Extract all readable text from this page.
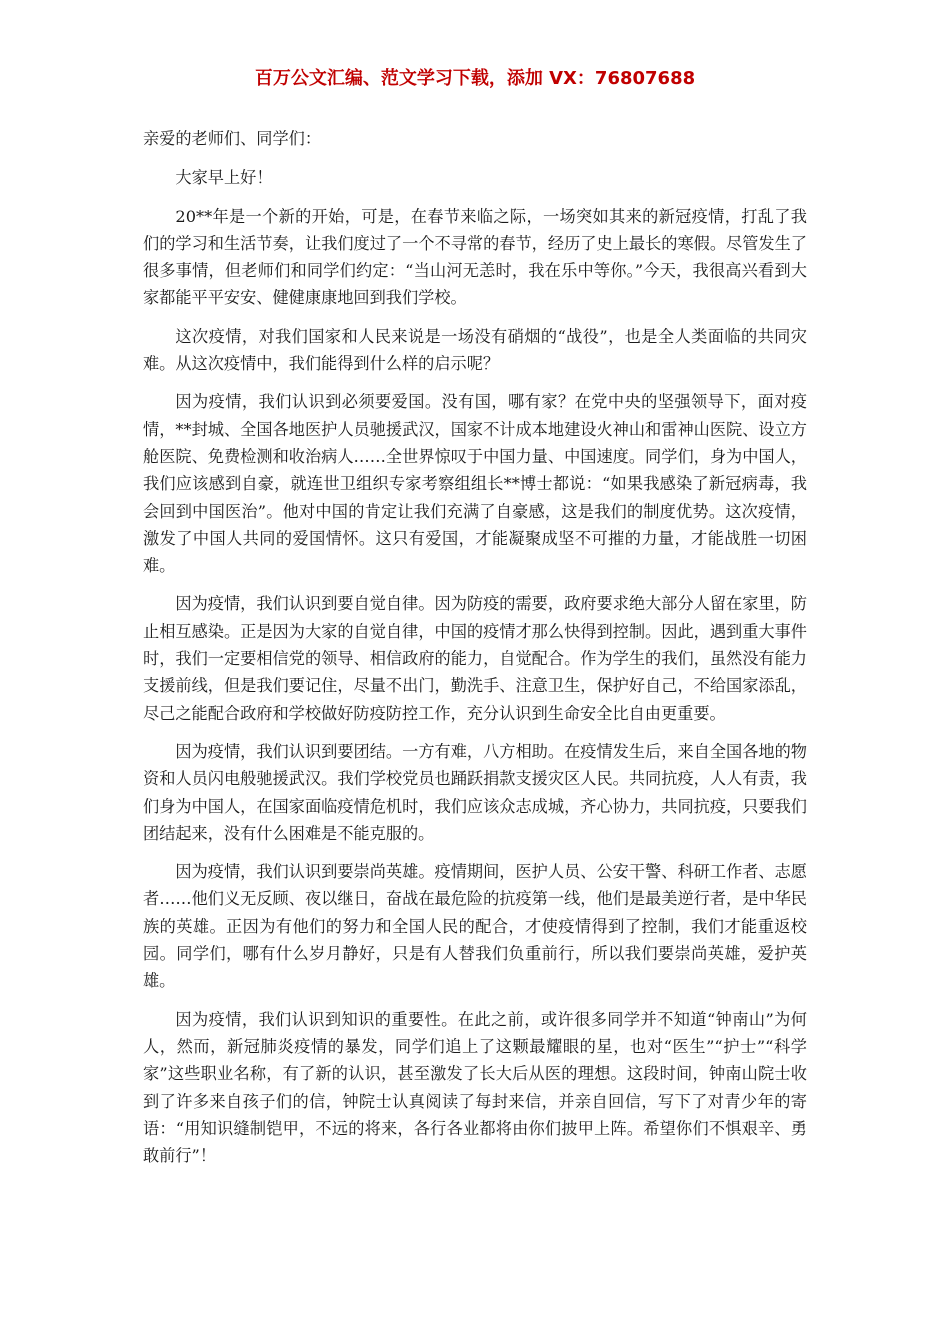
百万公文汇编、范文学习下载，添加 VX：76807688

亲爱的老师们、同学们：

大家早上好！

20**年是一个新的开始，可是，在春节来临之际，一场突如其来的新冠疫情，打乱了我们的学习和生活节奏，让我们度过了一个不寻常的春节，经历了史上最长的寒假。尽管发生了很多事情，但老师们和同学们约定：“当山河无恙时，我在乐中等你。”今天，我很高兴看到大家都能平平安安、健健康康地回到我们学校。

这次疫情，对我们国家和人民来说是一场没有硝烟的“战役”，也是全人类面临的共同灾难。从这次疫情中，我们能得到什么样的启示呢？

因为疫情，我们认识到必须要爱国。没有国，哪有家？在党中央的坚强领导下，面对疫情，**封城、全国各地医护人员驰援武汉，国家不计成本地建设火神山和雷神山医院、设立方舱医院、免费检测和收治病人……全世界惊叹于中国力量、中国速度。同学们，身为中国人，我们应该感到自豪，就连世卫组织专家考察组组长**博士都说：“如果我感染了新冠病毒，我会回到中国医治”。他对中国的肯定让我们充满了自豪感，这是我们的制度优势。这次疫情，激发了中国人共同的爱国情怀。这只有爱国，才能凝聚成坚不可摧的力量，才能战胜一切困难。

因为疫情，我们认识到要自觉自律。因为防疫的需要，政府要求绝大部分人留在家里，防止相互感染。正是因为大家的自觉自律，中国的疫情才那么快得到控制。因此，遇到重大事件时，我们一定要相信党的领导、相信政府的能力，自觉配合。作为学生的我们，虽然没有能力支援前线，但是我们要记住，尽量不出门，勤洗手、注意卫生，保护好自己，不给国家添乱，尽己之能配合政府和学校做好防疫防控工作，充分认识到生命安全比自由更重要。

因为疫情，我们认识到要团结。一方有难，八方相助。在疫情发生后，来自全国各地的物资和人员闪电般驰援武汉。我们学校党员也踊跃捐款支援灾区人民。共同抗疫，人人有责，我们身为中国人，在国家面临疫情危机时，我们应该众志成城，齐心协力，共同抗疫，只要我们团结起来，没有什么困难是不能克服的。

因为疫情，我们认识到要崇尚英雄。疫情期间，医护人员、公安干警、科研工作者、志愿者……他们义无反顾、夜以继日，奋战在最危险的抗疫第一线，他们是最美逆行者，是中华民族的英雄。正因为有他们的努力和全国人民的配合，才使疫情得到了控制，我们才能重返校园。同学们，哪有什么岁月静好，只是有人替我们负重前行，所以我们要崇尚英雄，爱护英雄。

因为疫情，我们认识到知识的重要性。在此之前，或许很多同学并不知道“钟南山”为何人，然而，新冠肺炎疫情的暴发，同学们追上了这颗最耀眼的星，也对“医生”“护士”“科学家”这些职业名称，有了新的认识，甚至激发了长大后从医的理想。这段时间，钟南山院士收到了许多来自孩子们的信，钟院士认真阅读了每封来信，并亲自回信，写下了对青少年的寄语：“用知识缝制铠甲，不远的将来，各行各业都将由你们披甲上阵。希望你们不惧艰辛、勇敢前行”！
